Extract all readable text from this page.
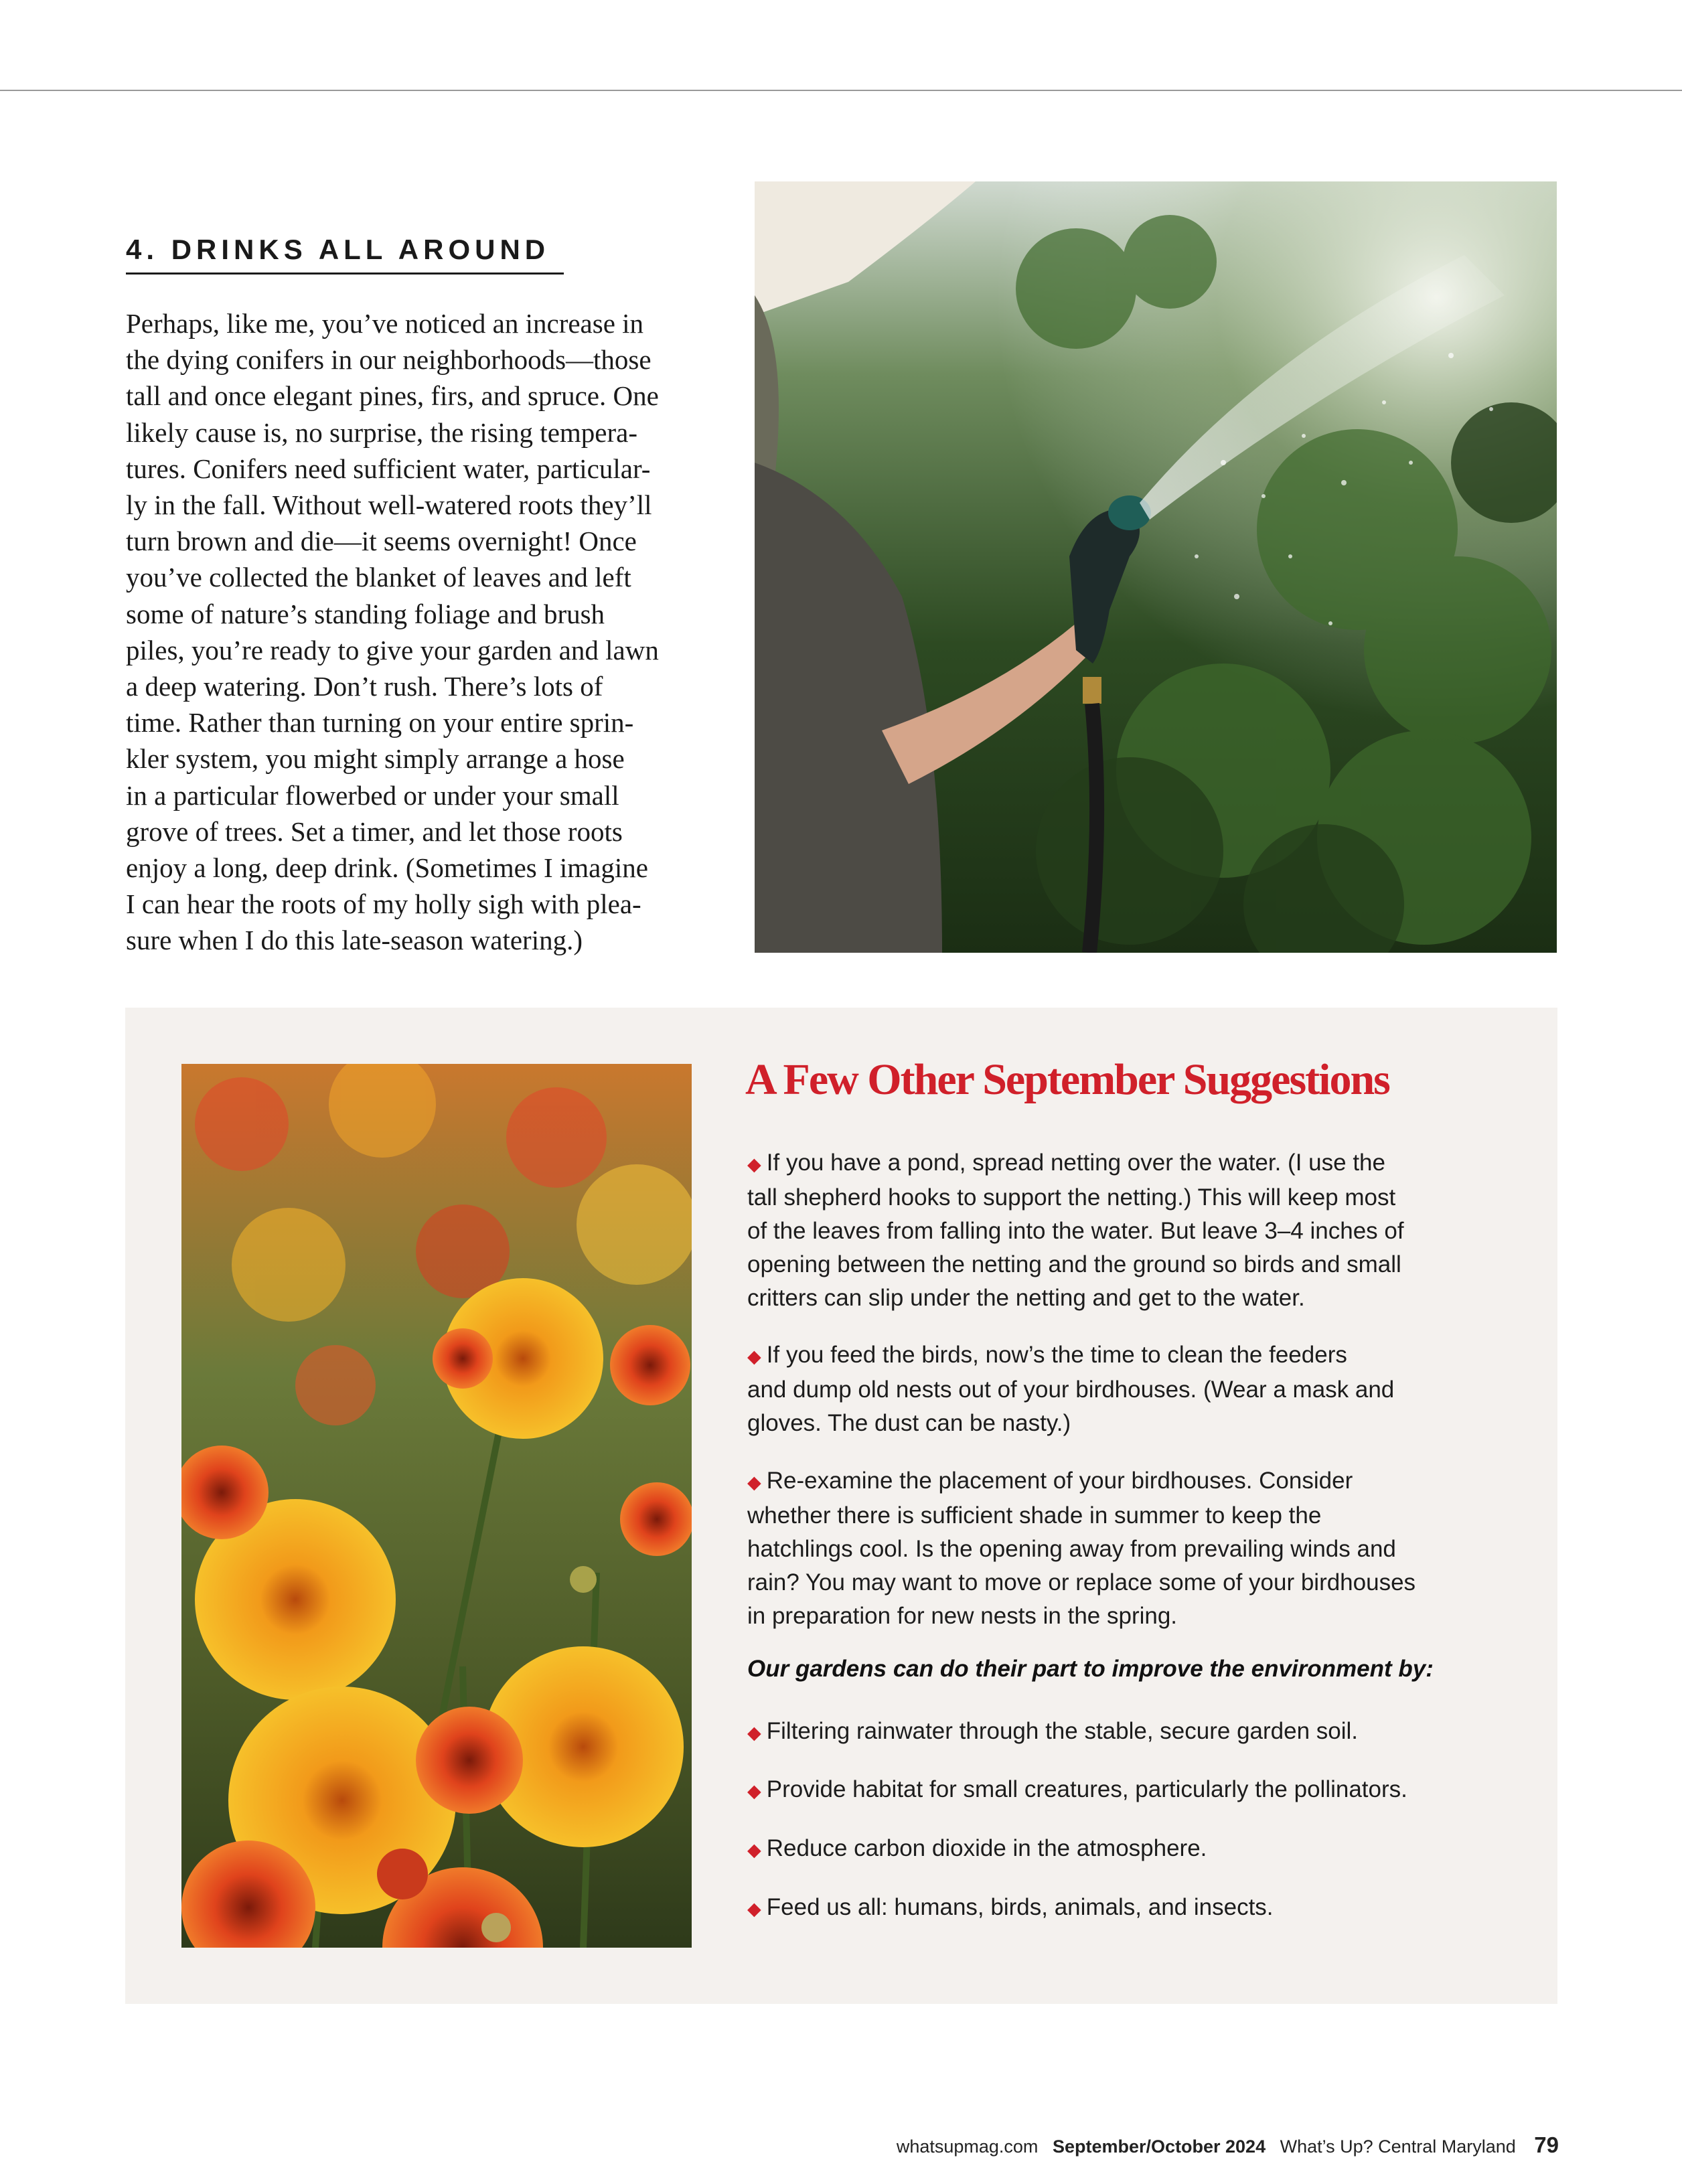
4. DRINKS ALL AROUND

Perhaps, like me, you’ve noticed an increase in
the dying conifers in our neighborhoods—those
tall and once elegant pines, firs, and spruce. One
likely cause is, no surprise, the rising tempera-
tures. Conifers need sufficient water, particular-
ly in the fall. Without well-watered roots they’ll
turn brown and die—it seems overnight! Once
you’ve collected the blanket of leaves and left
some of nature’s standing foliage and brush
piles, you’re ready to give your garden and lawn
a deep watering. Don’t rush. There’s lots of
time. Rather than turning on your entire sprin-
kler system, you might simply arrange a hose
in a particular flowerbed or under your small
grove of trees. Set a timer, and let those roots
enjoy a long, deep drink. (Sometimes I imagine
I can hear the roots of my holly sigh with plea-
sure when I do this late-season watering.)

A Few Other September Suggestions

◆ If you have a pond, spread netting over the water. (I use the
tall shepherd hooks to support the netting.) This will keep most
of the leaves from falling into the water. But leave 3–4 inches of
opening between the netting and the ground so birds and small
critters can slip under the netting and get to the water.

◆ If you feed the birds, now’s the time to clean the feeders
and dump old nests out of your birdhouses. (Wear a mask and
gloves. The dust can be nasty.)

◆ Re-examine the placement of your birdhouses. Consider
whether there is sufficient shade in summer to keep the
hatchlings cool. Is the opening away from prevailing winds and
rain? You may want to move or replace some of your birdhouses
in preparation for new nests in the spring.

Our gardens can do their part to improve the environment by:

◆ Filtering rainwater through the stable, secure garden soil.

◆ Provide habitat for small creatures, particularly the pollinators.

◆ Reduce carbon dioxide in the atmosphere.

◆ Feed us all: humans, birds, animals, and insects.

whatsupmag.com September/October 2024 What’s Up? Central Maryland 79
